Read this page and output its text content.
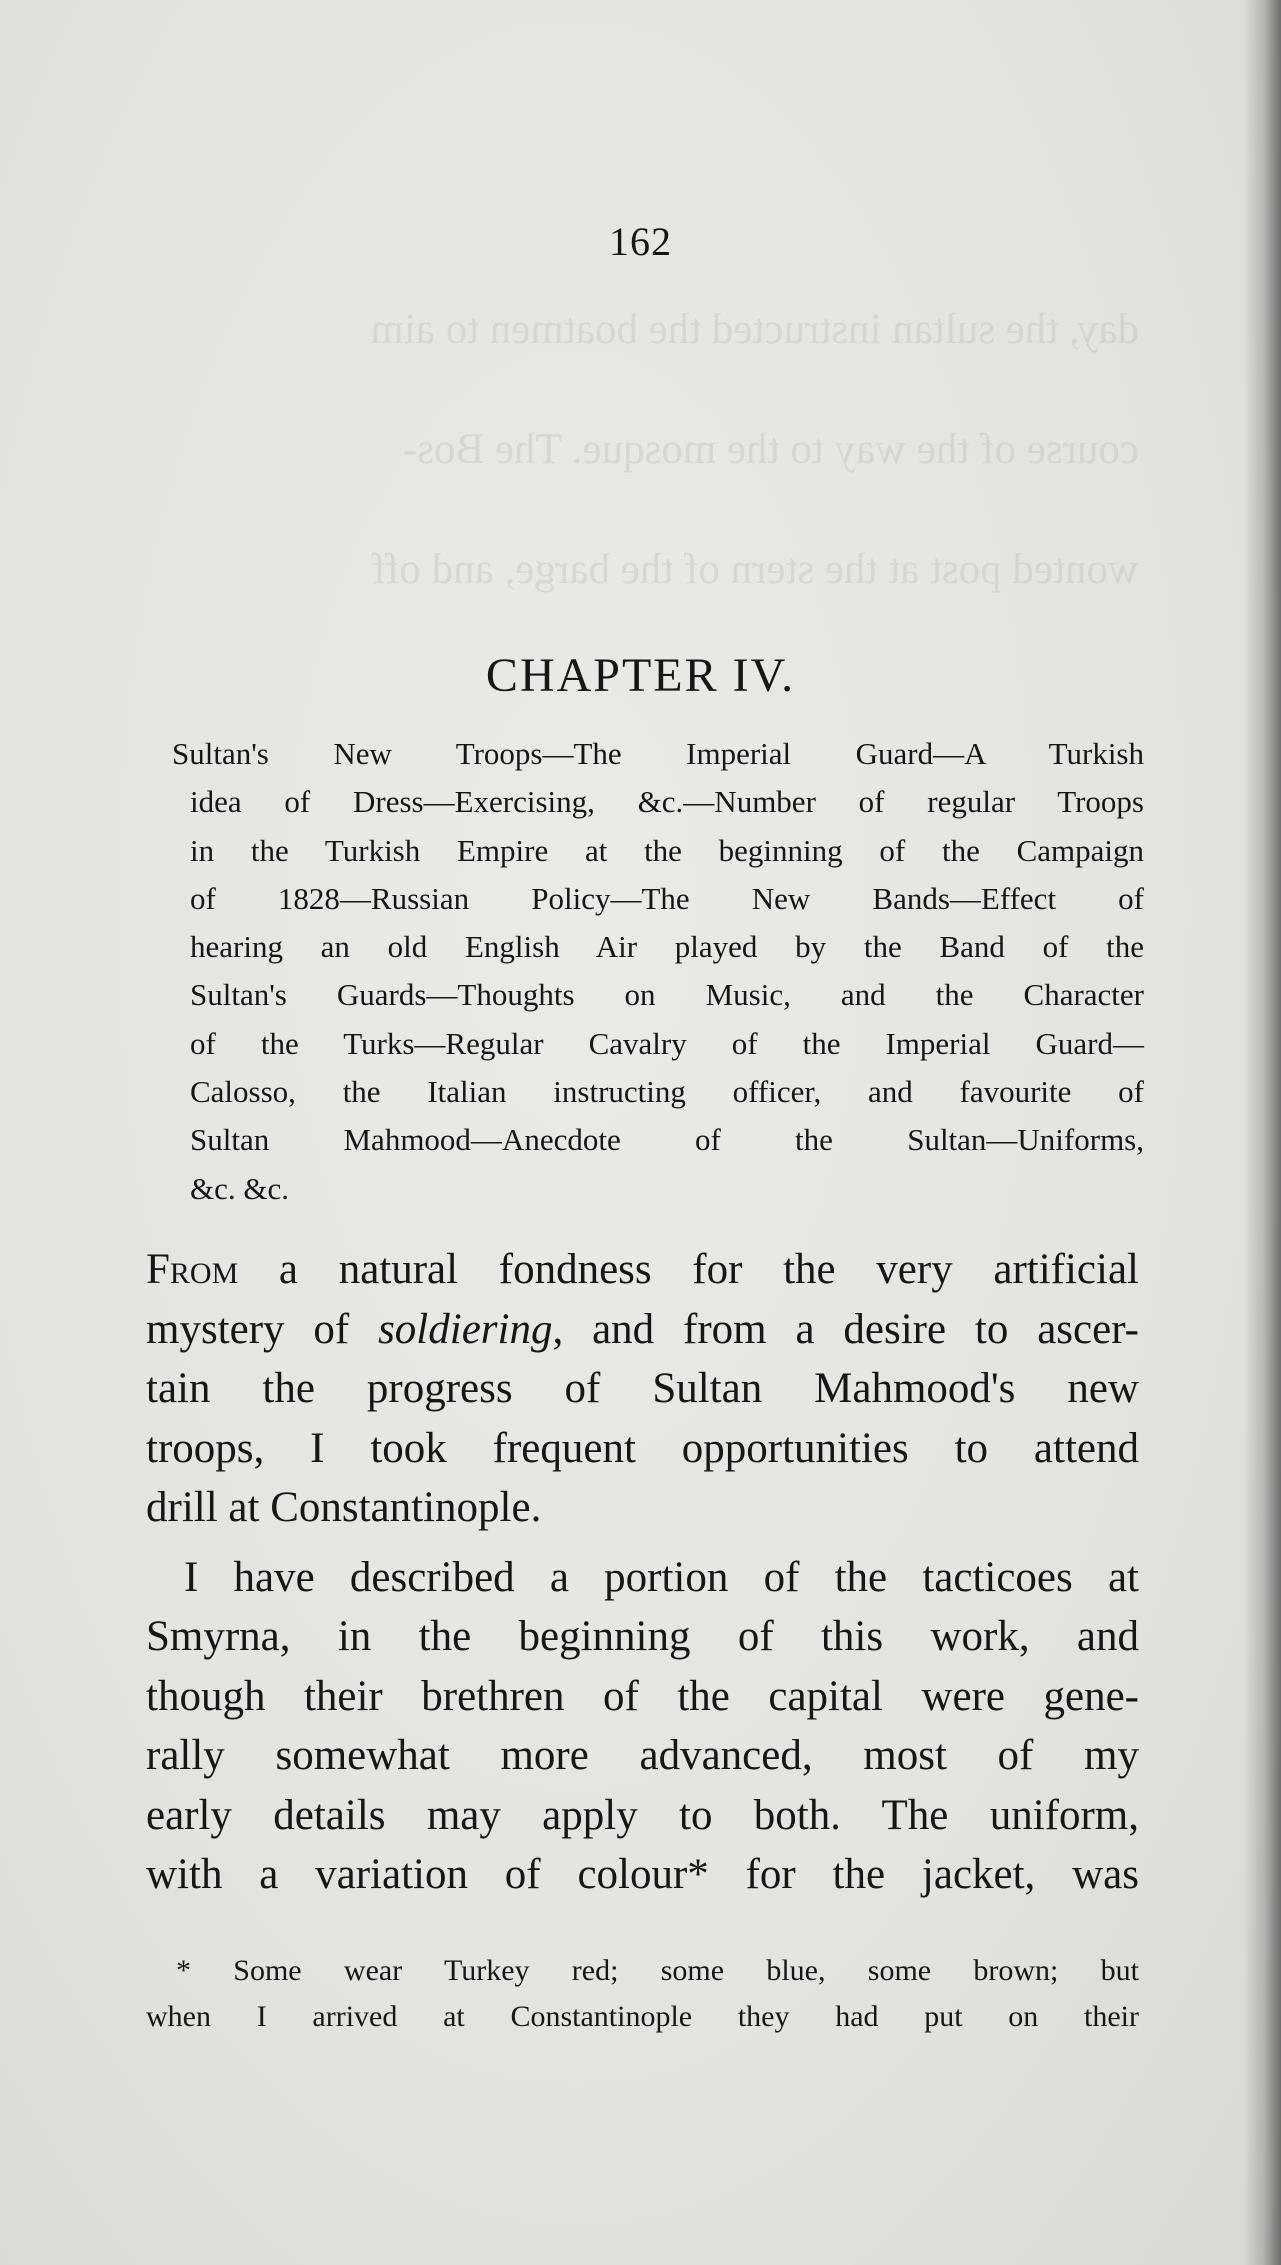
day, the sultan instructed the boatmen to aim
course of the way to the mosque. The Bos-
wonted post at the stern of the barge, and off
162
CHAPTER IV.
Sultan's New Troops—The Imperial Guard—A Turkish
idea of Dress—Exercising, &c.—Number of regular Troops
in the Turkish Empire at the beginning of the Campaign
of 1828—Russian Policy—The New Bands—Effect of
hearing an old English Air played by the Band of the
Sultan's Guards—Thoughts on Music, and the Character
of the Turks—Regular Cavalry of the Imperial Guard—
Calosso, the Italian instructing officer, and favourite of
Sultan Mahmood—Anecdote of the Sultan—Uniforms,
&c. &c.
From a natural fondness for the very artificial
mystery of soldiering, and from a desire to ascer-
tain the progress of Sultan Mahmood's new
troops, I took frequent opportunities to attend
drill at Constantinople.
I have described a portion of the tacticoes at
Smyrna, in the beginning of this work, and
though their brethren of the capital were gene-
rally somewhat more advanced, most of my
early details may apply to both. The uniform,
with a variation of colour* for the jacket, was
* Some wear Turkey red; some blue, some brown; but
when I arrived at Constantinople they had put on their
